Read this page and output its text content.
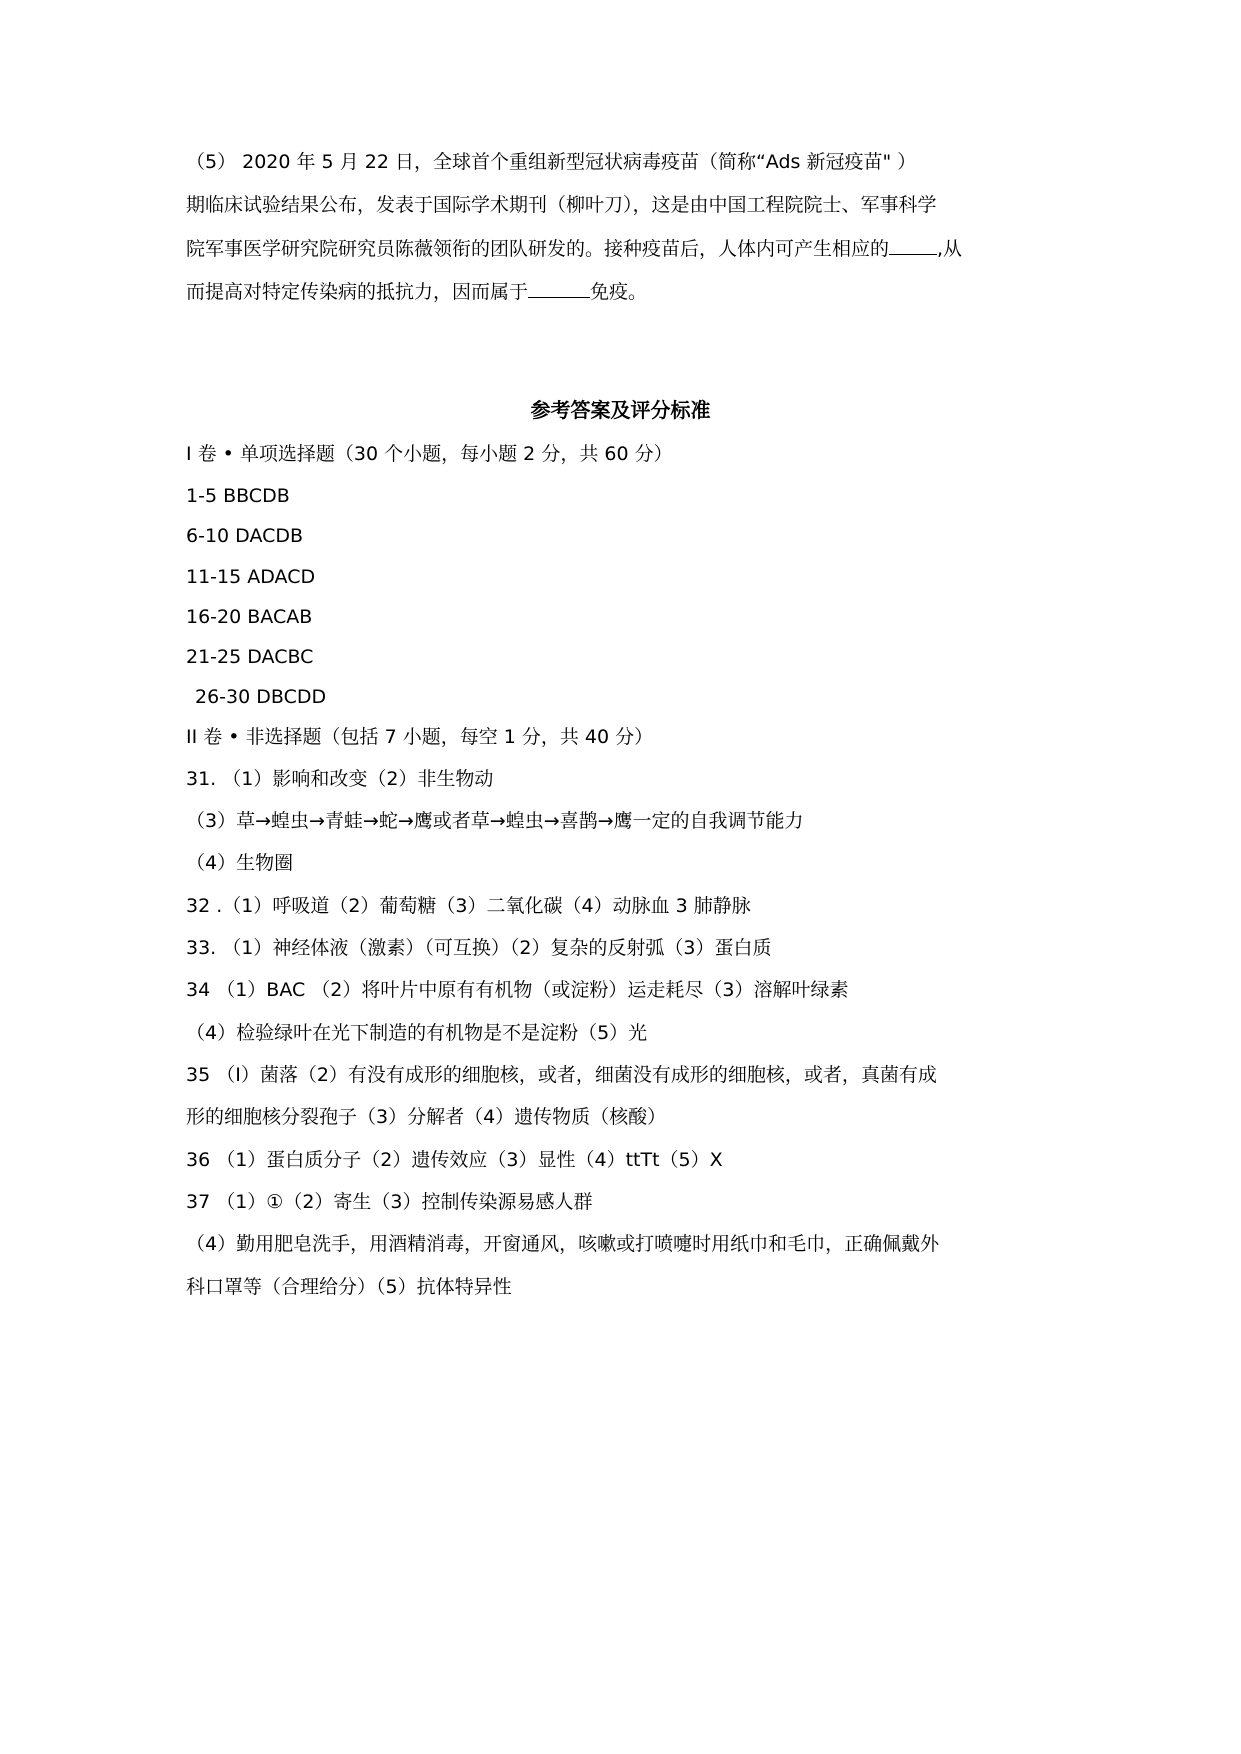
（5） 2020 年 5 月 22 日，全球首个重组新型冠状病毒疫苗（简称“Ads 新冠疫苗" ）
期临床试验结果公布，发表于国际学术期刊（柳叶刀），这是由中国工程院院士、军事科学
院军事医学研究院研究员陈薇领衔的团队研发的。接种疫苗后，人体内可产生相应的	,从
而提高对特定传染病的抵抗力，因而属于	免疫。
参考答案及评分标准
I 卷 • 单项选择题（30 个小题，每小题 2 分，共 60 分）
1-5 BBCDB
6-10 DACDB
11-15 ADACD
16-20 BACAB
21-25 DACBC
26-30 DBCDD
II 卷 • 非选择题（包括 7 小题，每空 1 分，共 40 分）
31. （1）影响和改变（2）非生物动
（3）草→蝗虫→青蛙→蛇→鹰或者草→蝗虫→喜鹊→鹰一定的自我调节能力
（4）生物圈
32 .（1）呼吸道（2）葡萄糖（3）二氧化碳（4）动脉血 3 肺静脉
33. （1）神经体液（激素）（可互换）（2）复杂的反射弧（3）蛋白质
34 （1）BAC （2）将叶片中原有有机物（或淀粉）运走耗尽（3）溶解叶绿素
（4）检验绿叶在光下制造的有机物是不是淀粉（5）光
35 （I）菌落（2）有没有成形的细胞核，或者，细菌没有成形的细胞核，或者，真菌有成
形的细胞核分裂孢子（3）分解者（4）遗传物质（核酸）
36 （1）蛋白质分子（2）遗传效应（3）显性（4）ttTt（5）X
37 （1）①（2）寄生（3）控制传染源易感人群
（4）勤用肥皂洗手，用酒精消毒，开窗通风，咳嗽或打喷嚏时用纸巾和毛巾，正确佩戴外
科口罩等（合理给分）（5）抗体特异性
